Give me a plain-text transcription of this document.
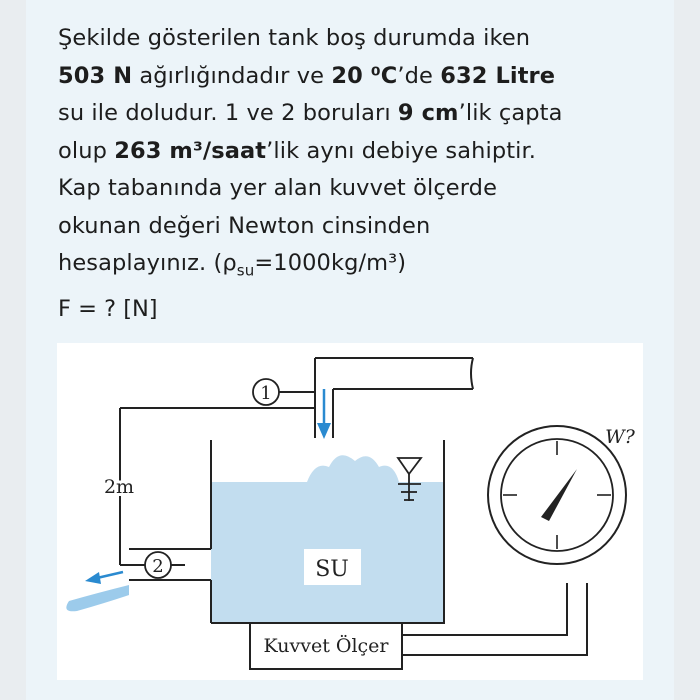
Şekilde gösterilen tank boş durumda iken

503 N ağırlığındadır ve 20 ⁰C’de 632 Litre

su ile doludur. 1 ve 2 boruları 9 cm’lik çapta

olup 263 m³/saat’lik aynı debiye sahiptir.

Kap tabanında yer alan kuvvet ölçerde

okunan değeri Newton cinsinden

hesaplayınız. $(\rho_{su}=1000kg/m^3)$

F = ? [N]
1
2
2m
SU
Kuvvet Ölçer
W?
